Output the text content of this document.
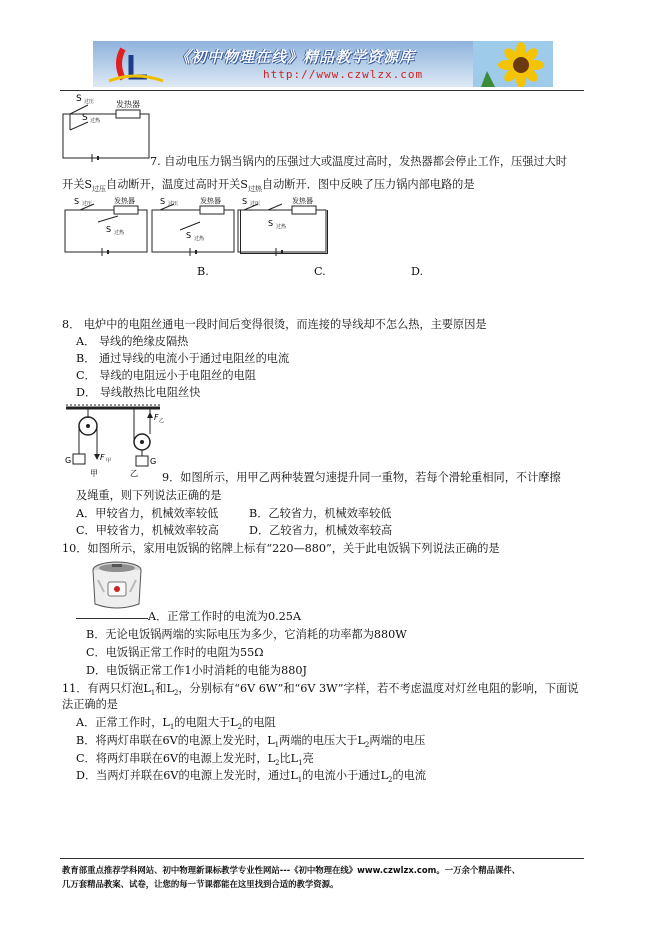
《初中物理在线》精品教学资源库
http://www.czwlzx.com
S 过压
S 过热
发热器
7. 自动电压力锅当锅内的压强过大或温度过高时，发热器都会停止工作，压强过大时
开关$S_{过压}$自动断开，温度过高时开关$S_{过热}$自动断开．图中反映了压力锅内部电路的是
S 过压	发热器
S 过热
S 过压	发热器
S 过热
S 过压	发热器
S 过热
B.	C.	D.
8． 电炉中的电阻丝通电一段时间后变得很烫，而连接的导线却不怎么热，主要原因是
A． 导线的绝缘皮隔热
B． 通过导线的电流小于通过电阻丝的电流
C． 导线的电阻远小于电阻丝的电阻
D． 导线散热比电阻丝快
F 甲
G
F 乙
G
甲	乙 9．如图所示，用甲乙两种装置匀速提升同一重物，若每个滑轮重相同，不计摩擦
及绳重，则下列说法正确的是
A．甲较省力，机械效率较低	B．乙较省力，机械效率较低
C．甲较省力，机械效率较高	D．乙较省力，机械效率较高
10．如图所示，家用电饭锅的铭牌上标有“220—880”，关于此电饭锅下列说法正确的是
A．正常工作时的电流为0.25A
B．无论电饭锅两端的实际电压为多少，它消耗的功率都为880W
C．电饭锅正常工作时的电阻为55Ω
D．电饭锅正常工作1小时消耗的电能为880J
11．有两只灯泡$L_1$和$L_2$，分别标有“6V 6W”和“6V 3W”字样，若不考虑温度对灯丝电阻的影响，下面说
法正确的是
A．正常工作时，$L_1$的电阻大于$L_2$的电阻
B．将两灯串联在6V的电源上发光时，$L_1$两端的电压大于$L_2$两端的电压
C．将两灯串联在6V的电源上发光时，$L_2$比$L_1$亮
D．当两灯并联在6V的电源上发光时，通过$L_1$的电流小于通过$L_2$的电流
教育部重点推荐学科网站、初中物理新课标教学专业性网站---《初中物理在线》www.czwlzx.com。一万余个精品课件、
几万套精品教案、试卷，让您的每一节课都能在这里找到合适的教学资源。
